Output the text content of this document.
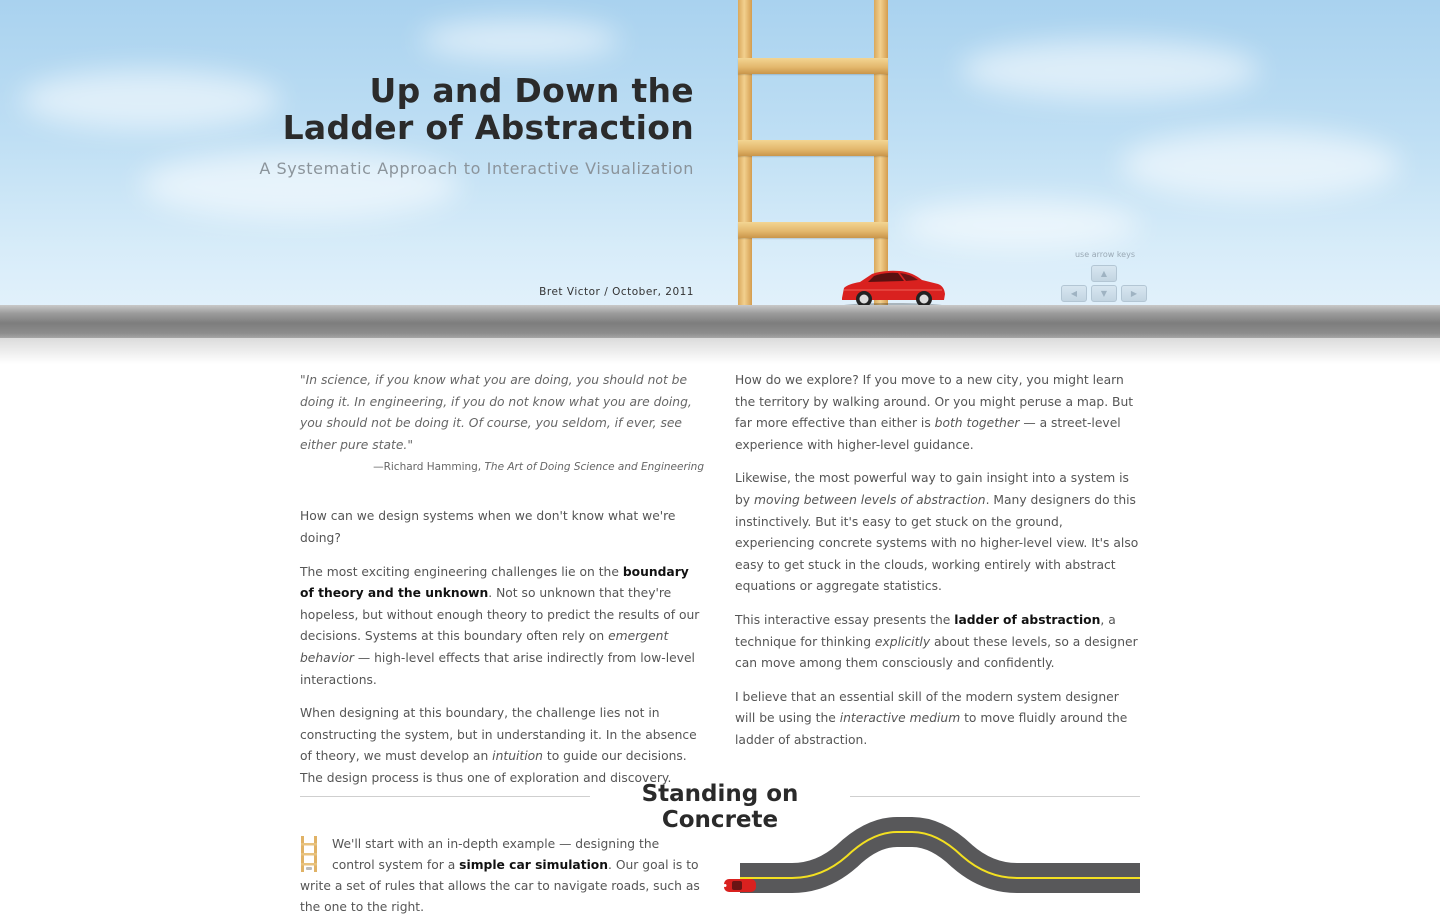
Up and Down the
Ladder of Abstraction
A Systematic Approach to Interactive Visualization
Bret Victor / October, 2011
use arrow keys
▲
◀	▼	▶

"In science, if you know what you are doing, you should not be doing it. In engineering, if you do not know what you are doing, you should not be doing it. Of course, you seldom, if ever, see either pure state."

—Richard Hamming, The Art of Doing Science and Engineering

How can we design systems when we don't know what we're doing?

The most exciting engineering challenges lie on the boundary of theory and the unknown. Not so unknown that they're hopeless, but without enough theory to predict the results of our decisions. Systems at this boundary often rely on emergent behavior — high-level effects that arise indirectly from low-level interactions.

When designing at this boundary, the challenge lies not in constructing the system, but in understanding it. In the absence of theory, we must develop an intuition to guide our decisions. The design process is thus one of exploration and discovery.

How do we explore? If you move to a new city, you might learn the territory by walking around. Or you might peruse a map. But far more effective than either is both together — a street-level experience with higher-level guidance.

Likewise, the most powerful way to gain insight into a system is by moving between levels of abstraction. Many designers do this instinctively. But it's easy to get stuck on the ground, experiencing concrete systems with no higher-level view. It's also easy to get stuck in the clouds, working entirely with abstract equations or aggregate statistics.

This interactive essay presents the ladder of abstraction, a technique for thinking explicitly about these levels, so a designer can move among them consciously and confidently.

I believe that an essential skill of the modern system designer will be using the interactive medium to move fluidly around the ladder of abstraction.

Standing on Concrete
We'll start with an in-depth example — designing the control system for a simple car simulation. Our goal is to write a set of rules that allows the car to navigate roads, such as the one to the right.
